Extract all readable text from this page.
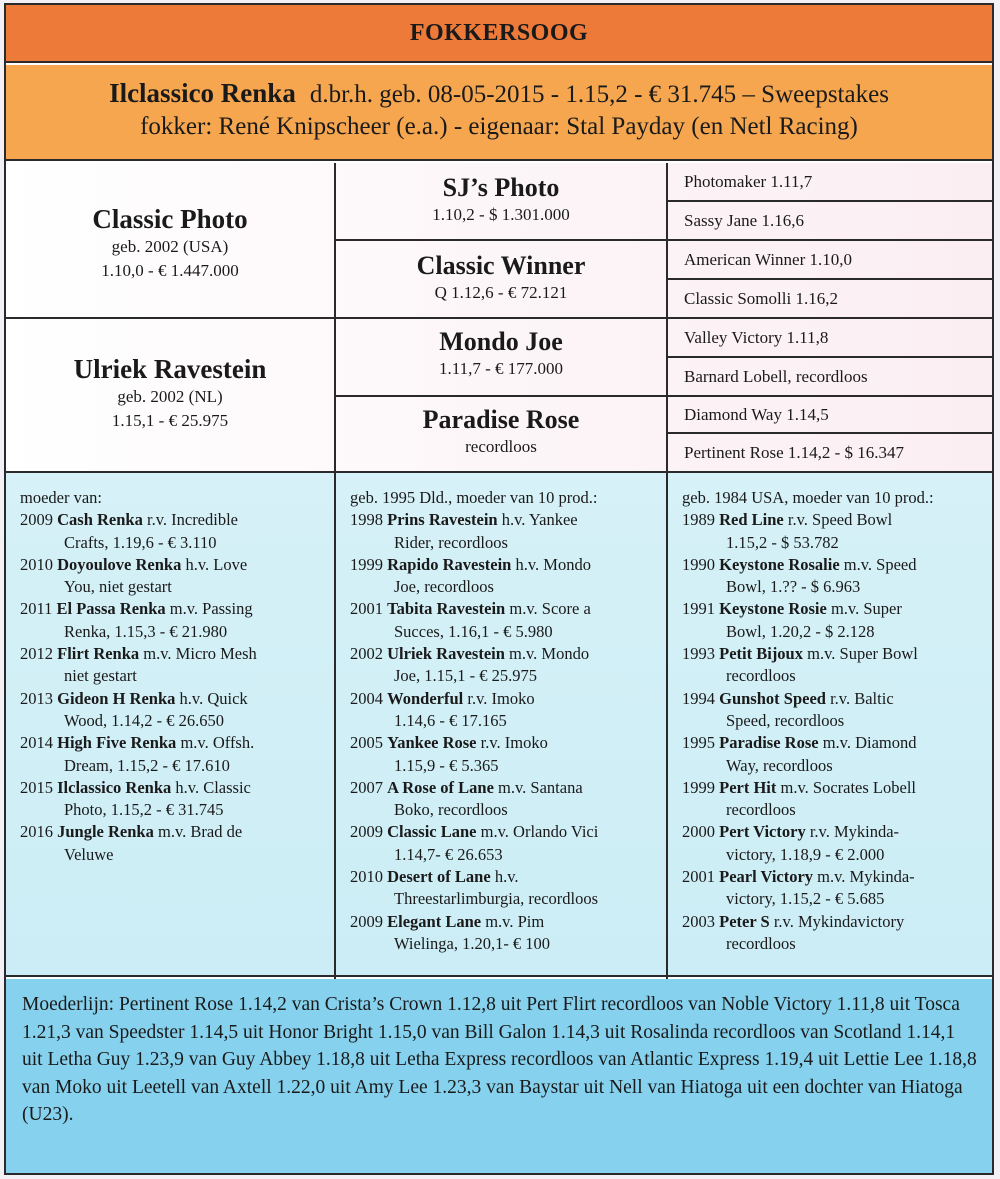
FOKKERSOOG
Ilclassico Renka d.br.h. geb. 08-05-2015 - 1.15,2 - € 31.745 – Sweepstakes
fokker: René Knipscheer (e.a.) - eigenaar: Stal Payday (en Netl Racing)
Classic Photo
geb. 2002 (USA)
1.10,0 - € 1.447.000
Ulriek Ravestein
geb. 2002 (NL)
1.15,1 - € 25.975
SJ’s Photo
1.10,2 - $ 1.301.000
Classic Winner
Q 1.12,6 - € 72.121
Mondo Joe
1.11,7 - € 177.000
Paradise Rose
recordloos
Photomaker 1.11,7
Sassy Jane 1.16,6
American Winner 1.10,0
Classic Somolli 1.16,2
Valley Victory 1.11,8
Barnard Lobell, recordloos
Diamond Way 1.14,5
Pertinent Rose 1.14,2 - $ 16.347
moeder van:
2009 Cash Renka r.v. Incredible
Crafts, 1.19,6 - € 3.110
2010 Doyoulove Renka h.v. Love
You, niet gestart
2011 El Passa Renka m.v. Passing
Renka, 1.15,3 - € 21.980
2012 Flirt Renka m.v. Micro Mesh
niet gestart
2013 Gideon H Renka h.v. Quick
Wood, 1.14,2 - € 26.650
2014 High Five Renka m.v. Offsh.
Dream, 1.15,2 - € 17.610
2015 Ilclassico Renka h.v. Classic
Photo, 1.15,2 - € 31.745
2016 Jungle Renka m.v. Brad de
Veluwe
geb. 1995 Dld., moeder van 10 prod.:
1998 Prins Ravestein h.v. Yankee
Rider, recordloos
1999 Rapido Ravestein h.v. Mondo
Joe, recordloos
2001 Tabita Ravestein m.v. Score a
Succes, 1.16,1 - € 5.980
2002 Ulriek Ravestein m.v. Mondo
Joe, 1.15,1 - € 25.975
2004 Wonderful r.v. Imoko
1.14,6 - € 17.165
2005 Yankee Rose r.v. Imoko
1.15,9 - € 5.365
2007 A Rose of Lane m.v. Santana
Boko, recordloos
2009 Classic Lane m.v. Orlando Vici
1.14,7- € 26.653
2010 Desert of Lane h.v.
Threestarlimburgia, recordloos
2009 Elegant Lane m.v. Pim
Wielinga, 1.20,1- € 100
geb. 1984 USA, moeder van 10 prod.:
1989 Red Line r.v. Speed Bowl
1.15,2 - $ 53.782
1990 Keystone Rosalie m.v. Speed
Bowl, 1.?? - $ 6.963
1991 Keystone Rosie m.v. Super
Bowl, 1.20,2 - $ 2.128
1993 Petit Bijoux m.v. Super Bowl
recordloos
1994 Gunshot Speed r.v. Baltic
Speed, recordloos
1995 Paradise Rose m.v. Diamond
Way, recordloos
1999 Pert Hit m.v. Socrates Lobell
recordloos
2000 Pert Victory r.v. Mykinda-
victory, 1.18,9 - € 2.000
2001 Pearl Victory m.v. Mykinda-
victory, 1.15,2 - € 5.685
2003 Peter S r.v. Mykindavictory
recordloos
Moederlijn: Pertinent Rose 1.14,2 van Crista’s Crown 1.12,8 uit Pert Flirt recordloos van Noble Victory 1.11,8 uit Tosca 1.21,3 van Speedster 1.14,5 uit Honor Bright 1.15,0 van Bill Galon 1.14,3 uit Rosalinda recordloos van Scotland 1.14,1 uit Letha Guy 1.23,9 van Guy Abbey 1.18,8 uit Letha Express recordloos van Atlantic Express 1.19,4 uit Lettie Lee 1.18,8 van Moko uit Leetell van Axtell 1.22,0 uit Amy Lee 1.23,3 van Baystar uit Nell van Hiatoga uit een dochter van Hiatoga (U23).
